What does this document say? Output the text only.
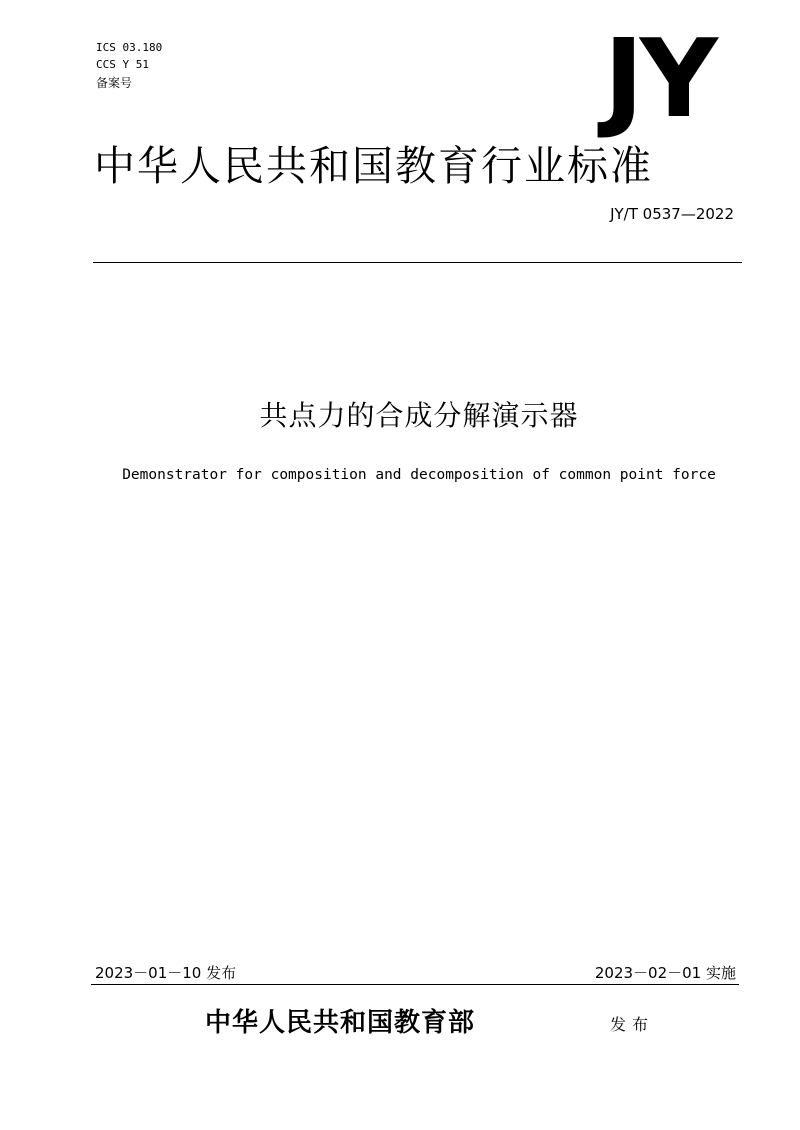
ICS 03.180
CCS Y 51
备案号	JY
中华人民共和国教育行业标准
JY/T 0537—2022
共点力的合成分解演示器
Demonstrator for composition and decomposition of common point force
2023－01－10 发布	2023－02－01 实施
中华人民共和国教育部	发布
